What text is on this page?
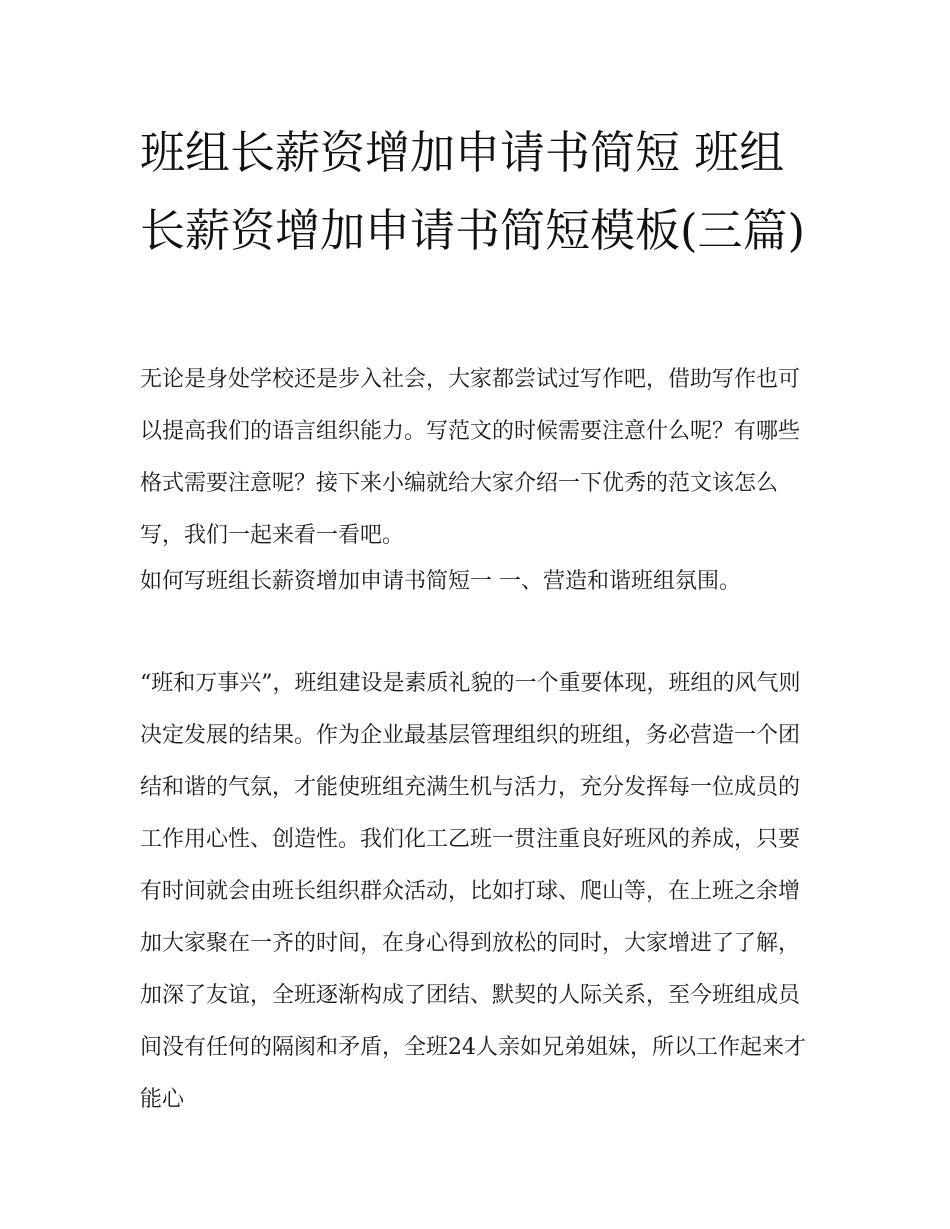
班组长薪资增加申请书简短 班组长薪资增加申请书简短模板(三篇)

无论是身处学校还是步入社会，大家都尝试过写作吧，借助写作也可以提高我们的语言组织能力。写范文的时候需要注意什么呢？有哪些格式需要注意呢？接下来小编就给大家介绍一下优秀的范文该怎么写，我们一起来看一看吧。

如何写班组长薪资增加申请书简短一 一、营造和谐班组氛围。

“班和万事兴”，班组建设是素质礼貌的一个重要体现，班组的风气则决定发展的结果。作为企业最基层管理组织的班组，务必营造一个团结和谐的气氛，才能使班组充满生机与活力，充分发挥每一位成员的工作用心性、创造性。我们化工乙班一贯注重良好班风的养成，只要有时间就会由班长组织群众活动，比如打球、爬山等，在上班之余增加大家聚在一齐的时间，在身心得到放松的同时，大家增进了了解，加深了友谊，全班逐渐构成了团结、默契的人际关系，至今班组成员间没有任何的隔阂和矛盾，全班24人亲如兄弟姐妹，所以工作起来才能心
